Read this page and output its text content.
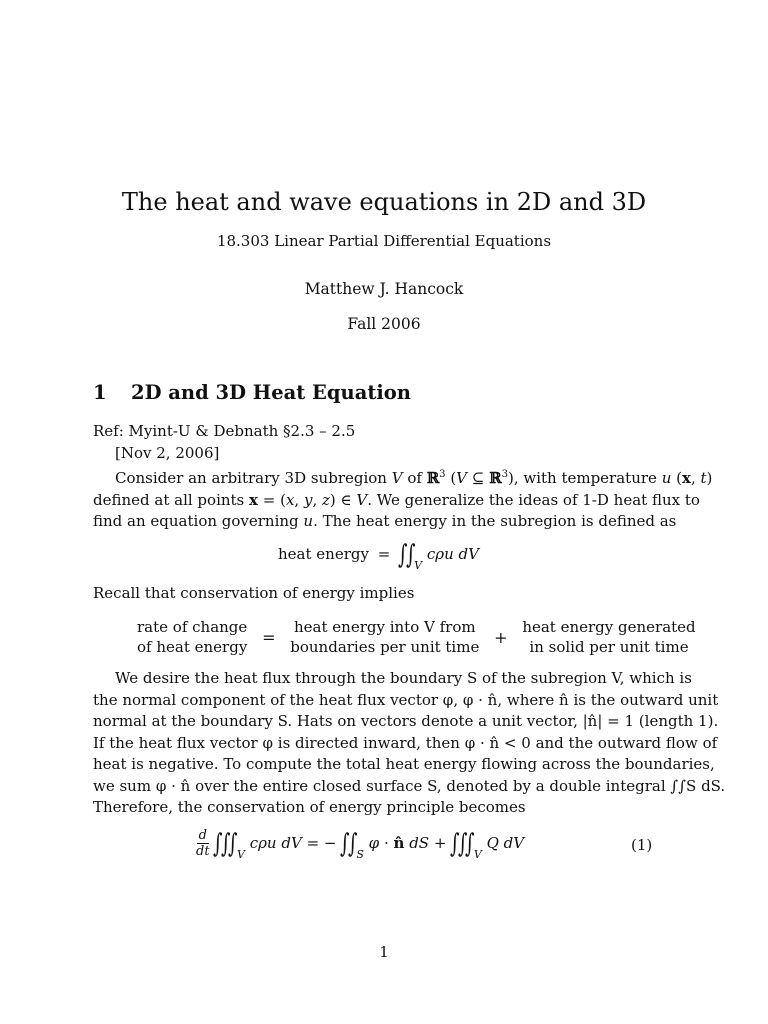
The heat and wave equations in 2D and 3D
18.303 Linear Partial Differential Equations
Matthew J. Hancock
Fall 2006
1 2D and 3D Heat Equation
Ref: Myint-U & Debnath §2.3 – 2.5
[Nov 2, 2006]
Consider an arbitrary 3D subregion V of ℝ$^3$ (V ⊆ ℝ$^3$), with temperature u (x, t)
defined at all points x = (x, y, z) ∈ V. We generalize the ideas of 1-D heat flux to
find an equation governing u. The heat energy in the subregion is defined as
heat energy = $\int\int_V$ cρu dV
Recall that conservation of energy implies
rate of change
of heat energy = heat energy into V from
boundaries per unit time + heat energy generated
in solid per unit time
We desire the heat flux through the boundary S of the subregion V, which is
the normal component of the heat flux vector φ, φ · n̂, where n̂ is the outward unit
normal at the boundary S. Hats on vectors denote a unit vector, |n̂| = 1 (length 1).
If the heat flux vector φ is directed inward, then φ · n̂ < 0 and the outward flow of
heat is negative. To compute the total heat energy flowing across the boundaries,
we sum φ · n̂ over the entire closed surface S, denoted by a double integral ∫∫S dS.
Therefore, the conservation of energy principle becomes
$\frac{d}{dt} \int\int\int_V$ cρu dV = − $\int\int_S$ φ · n̂ dS + $\int\int\int_V$ Q dV	(1)
1
